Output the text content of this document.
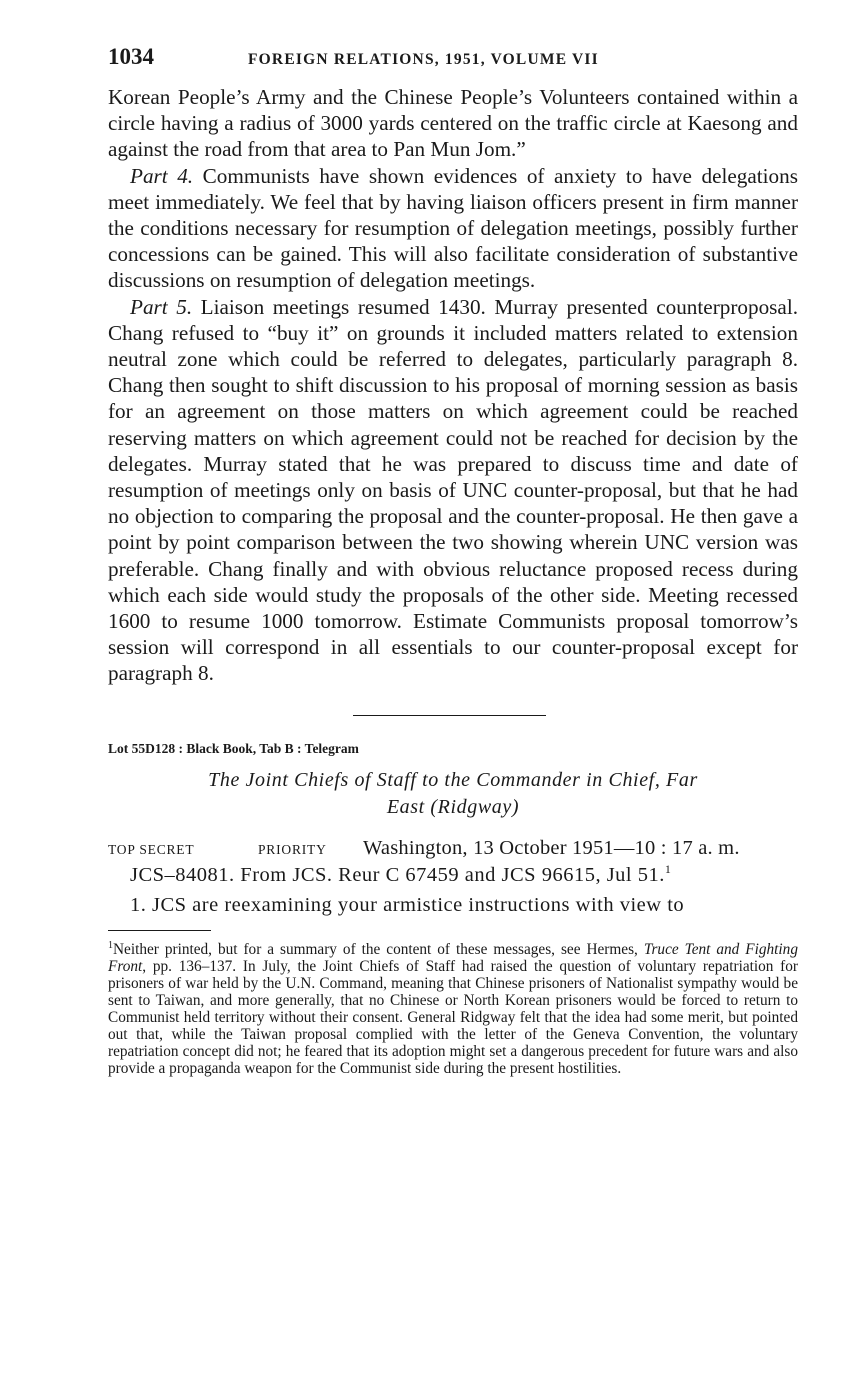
1034	FOREIGN RELATIONS, 1951, VOLUME VII

Korean People’s Army and the Chinese People’s Volunteers contained within a circle having a radius of 3000 yards centered on the traffic circle at Kaesong and against the road from that area to Pan Mun Jom.”

Part 4. Communists have shown evidences of anxiety to have delegations meet immediately. We feel that by having liaison officers present in firm manner the conditions necessary for resumption of delegation meetings, possibly further concessions can be gained. This will also facilitate consideration of substantive discussions on resumption of delegation meetings.

Part 5. Liaison meetings resumed 1430. Murray presented counterproposal. Chang refused to “buy it” on grounds it included matters related to extension neutral zone which could be referred to delegates, particularly paragraph 8. Chang then sought to shift discussion to his proposal of morning session as basis for an agreement on those matters on which agreement could be reached reserving matters on which agreement could not be reached for decision by the delegates. Murray stated that he was prepared to discuss time and date of resumption of meetings only on basis of UNC counter-proposal, but that he had no objection to comparing the proposal and the counter-proposal. He then gave a point by point comparison between the two showing wherein UNC version was preferable. Chang finally and with obvious reluctance proposed recess during which each side would study the proposals of the other side. Meeting recessed 1600 to resume 1000 tomorrow. Estimate Communists proposal tomorrow’s session will correspond in all essentials to our counter-proposal except for paragraph 8.

Lot 55D128 : Black Book, Tab B : Telegram
The Joint Chiefs of Staff to the Commander in Chief, Far
East (Ridgway)
TOP SECRET	PRIORITY	Washington, 13 October 1951—10 : 17 a. m.

JCS–84081. From JCS. Reur C 67459 and JCS 96615, Jul 51.$^1$

1. JCS are reexamining your armistice instructions with view to

$^1$Neither printed, but for a summary of the content of these messages, see Hermes, Truce Tent and Fighting Front, pp. 136–137. In July, the Joint Chiefs of Staff had raised the question of voluntary repatriation for prisoners of war held by the U.N. Command, meaning that Chinese prisoners of Nationalist sympathy would be sent to Taiwan, and more generally, that no Chinese or North Korean prisoners would be forced to return to Communist held territory without their consent. General Ridgway felt that the idea had some merit, but pointed out that, while the Taiwan proposal complied with the letter of the Geneva Convention, the voluntary repatriation concept did not; he feared that its adoption might set a dangerous precedent for future wars and also provide a propaganda weapon for the Communist side during the present hostilities.
